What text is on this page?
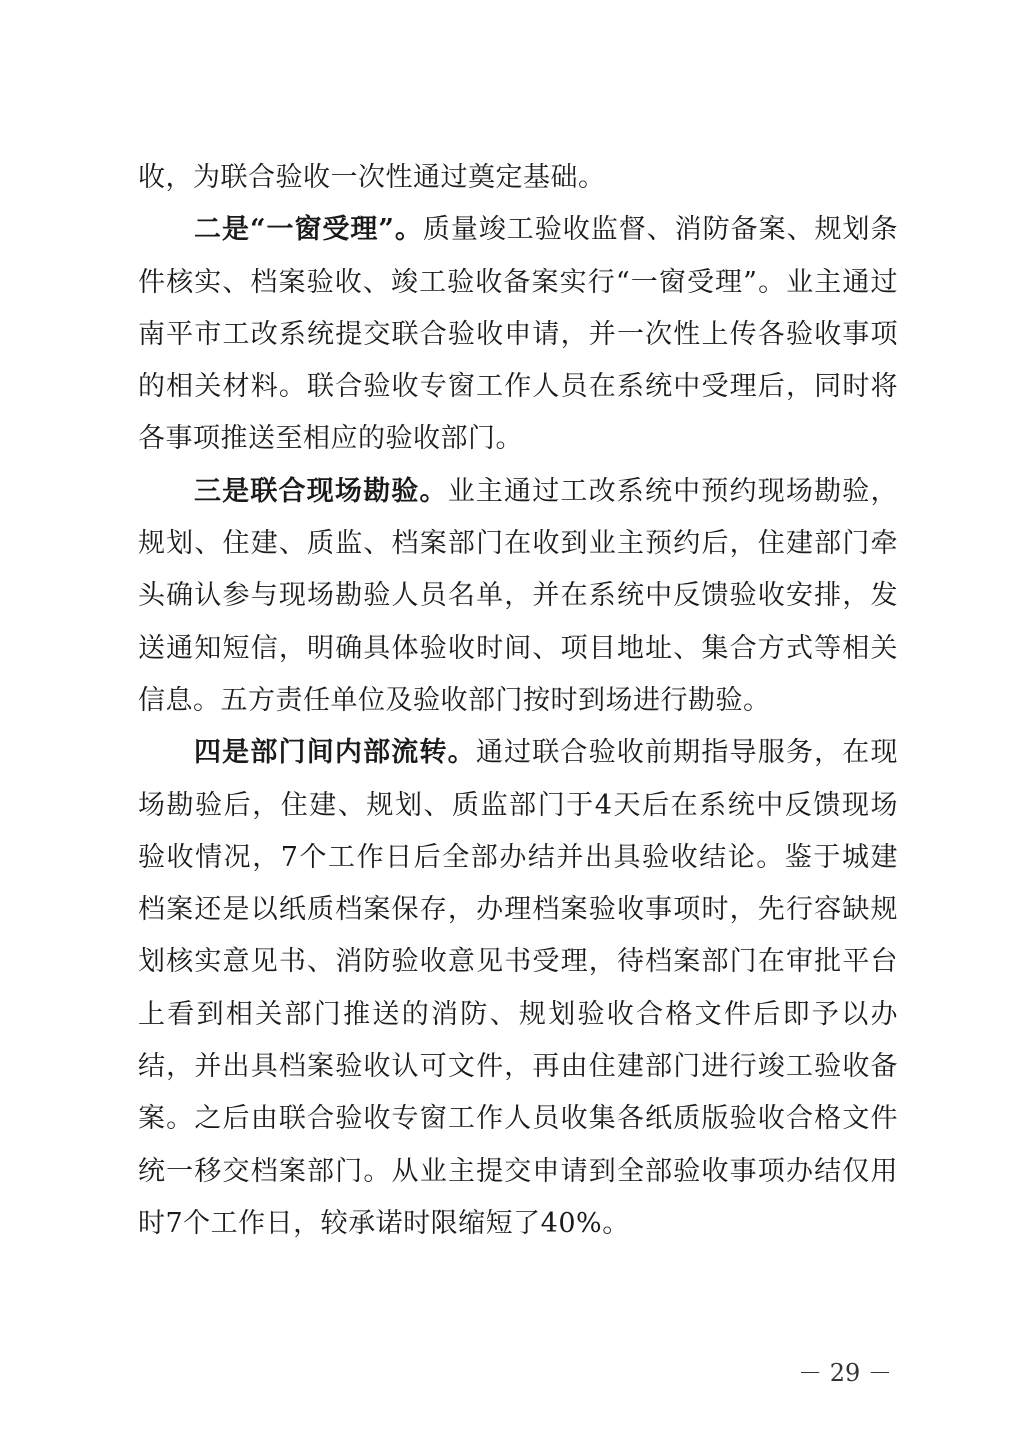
收，为联合验收一次性通过奠定基础。

二是“一窗受理”。质量竣工验收监督、消防备案、规划条件核实、档案验收、竣工验收备案实行“一窗受理”。业主通过南平市工改系统提交联合验收申请，并一次性上传各验收事项的相关材料。联合验收专窗工作人员在系统中受理后，同时将各事项推送至相应的验收部门。

三是联合现场勘验。业主通过工改系统中预约现场勘验，规划、住建、质监、档案部门在收到业主预约后，住建部门牵头确认参与现场勘验人员名单，并在系统中反馈验收安排，发送通知短信，明确具体验收时间、项目地址、集合方式等相关信息。五方责任单位及验收部门按时到场进行勘验。

四是部门间内部流转。通过联合验收前期指导服务，在现场勘验后，住建、规划、质监部门于4天后在系统中反馈现场验收情况，7个工作日后全部办结并出具验收结论。鉴于城建档案还是以纸质档案保存，办理档案验收事项时，先行容缺规划核实意见书、消防验收意见书受理，待档案部门在审批平台上看到相关部门推送的消防、规划验收合格文件后即予以办结，并出具档案验收认可文件，再由住建部门进行竣工验收备案。之后由联合验收专窗工作人员收集各纸质版验收合格文件统一移交档案部门。从业主提交申请到全部验收事项办结仅用时7个工作日，较承诺时限缩短了40%。

－ 29 －
